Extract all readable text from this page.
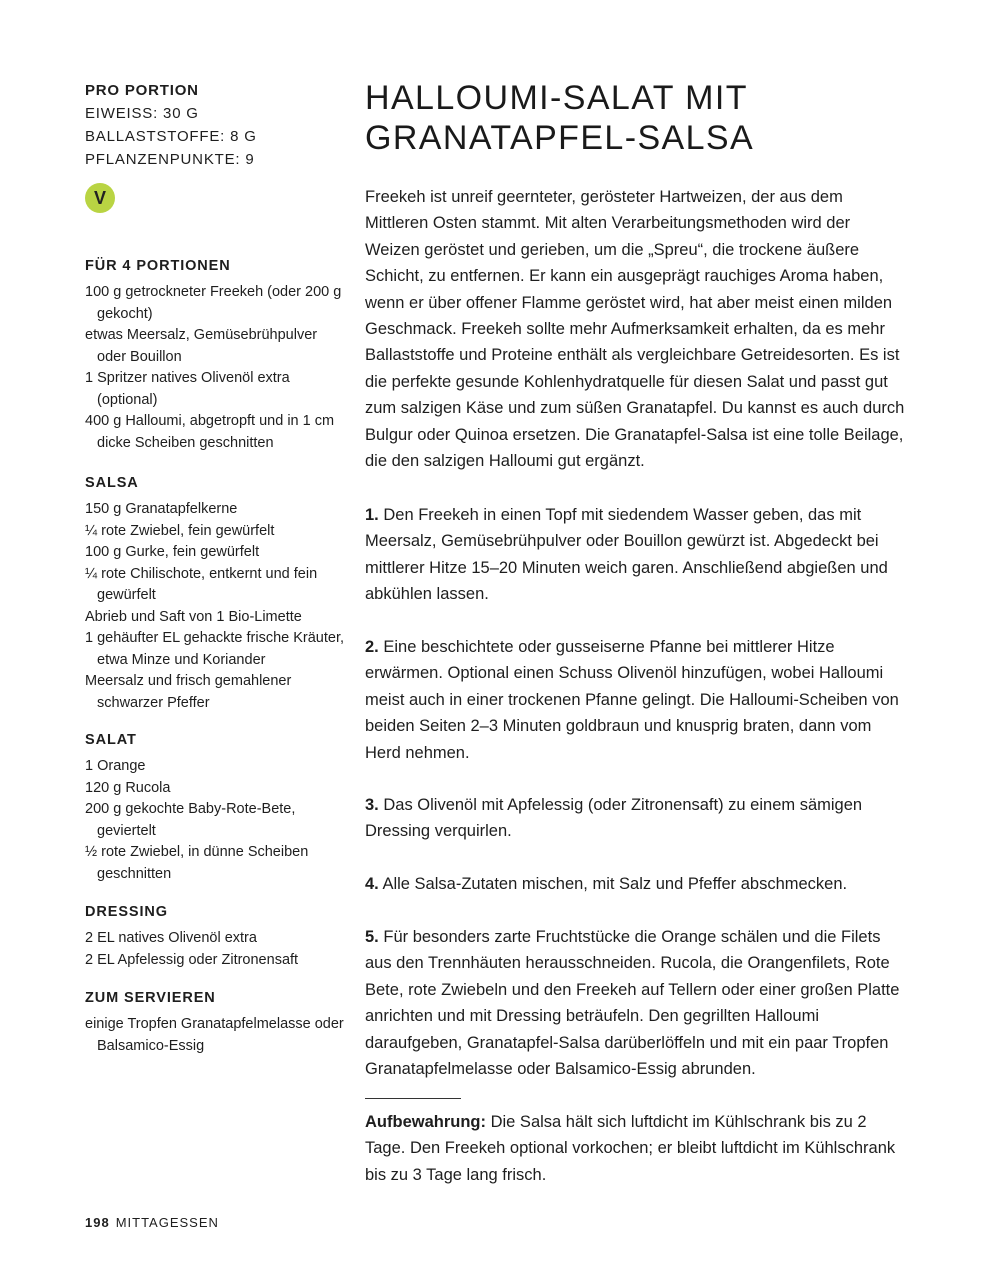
PRO PORTION

EIWEISS: 30 G
BALLASTSTOFFE: 8 G
PFLANZENPUNKTE: 9
V

FÜR 4 PORTIONEN

100 g getrockneter Freekeh (oder 200 g gekocht)
etwas Meersalz, Gemüsebrühpulver oder Bouillon
1 Spritzer natives Olivenöl extra (optional)
400 g Halloumi, abgetropft und in 1 cm dicke Scheiben geschnitten

SALSA

150 g Granatapfelkerne
¼ rote Zwiebel, fein gewürfelt
100 g Gurke, fein gewürfelt
¼ rote Chilischote, entkernt und fein gewürfelt
Abrieb und Saft von 1 Bio-Limette
1 gehäufter EL gehackte frische Kräuter, etwa Minze und Koriander
Meersalz und frisch gemahlener schwarzer Pfeffer

SALAT

1 Orange
120 g Rucola
200 g gekochte Baby-Rote-Bete, geviertelt
½ rote Zwiebel, in dünne Scheiben geschnitten

DRESSING

2 EL natives Olivenöl extra
2 EL Apfelessig oder Zitronensaft

ZUM SERVIEREN

einige Tropfen Granatapfelmelasse oder Balsamico-Essig
HALLOUMI-SALAT MIT
GRANATAPFEL-SALSA

Freekeh ist unreif geernteter, gerösteter Hartweizen, der aus dem Mittleren Osten stammt. Mit alten Verarbeitungsmethoden wird der Weizen geröstet und gerieben, um die „Spreu“, die trockene äußere Schicht, zu entfernen. Er kann ein ausgeprägt rauchiges Aroma haben, wenn er über offener Flamme geröstet wird, hat aber meist einen milden Geschmack. Freekeh sollte mehr Aufmerksamkeit erhalten, da es mehr Ballaststoffe und Proteine enthält als vergleichbare Getreidesorten. Es ist die perfekte gesunde Kohlenhydratquelle für diesen Salat und passt gut zum salzigen Käse und zum süßen Granatapfel. Du kannst es auch durch Bulgur oder Quinoa ersetzen. Die Granatapfel-Salsa ist eine tolle Beilage, die den salzigen Halloumi gut ergänzt.

1. Den Freekeh in einen Topf mit siedendem Wasser geben, das mit Meersalz, Gemüsebrühpulver oder Bouillon gewürzt ist. Abgedeckt bei mittlerer Hitze 15–20 Minuten weich garen. Anschließend abgießen und abkühlen lassen.

2. Eine beschichtete oder gusseiserne Pfanne bei mittlerer Hitze erwärmen. Optional einen Schuss Olivenöl hinzufügen, wobei Halloumi meist auch in einer trockenen Pfanne gelingt. Die Halloumi-Scheiben von beiden Seiten 2–3 Minuten goldbraun und knusprig braten, dann vom Herd nehmen.

3. Das Olivenöl mit Apfelessig (oder Zitronensaft) zu einem sämigen Dressing verquirlen.

4. Alle Salsa-Zutaten mischen, mit Salz und Pfeffer abschmecken.

5. Für besonders zarte Fruchtstücke die Orange schälen und die Filets aus den Trennhäuten herausschneiden. Rucola, die Orangenfilets, Rote Bete, rote Zwiebeln und den Freekeh auf Tellern oder einer großen Platte anrichten und mit Dressing beträufeln. Den gegrillten Halloumi daraufgeben, Granatapfel-Salsa darüberlöffeln und mit ein paar Tropfen Granatapfelmelasse oder Balsamico-Essig abrunden.

Aufbewahrung: Die Salsa hält sich luftdicht im Kühlschrank bis zu 2 Tage. Den Freekeh optional vorkochen; er bleibt luftdicht im Kühlschrank bis zu 3 Tage lang frisch.

198 MITTAGESSEN
